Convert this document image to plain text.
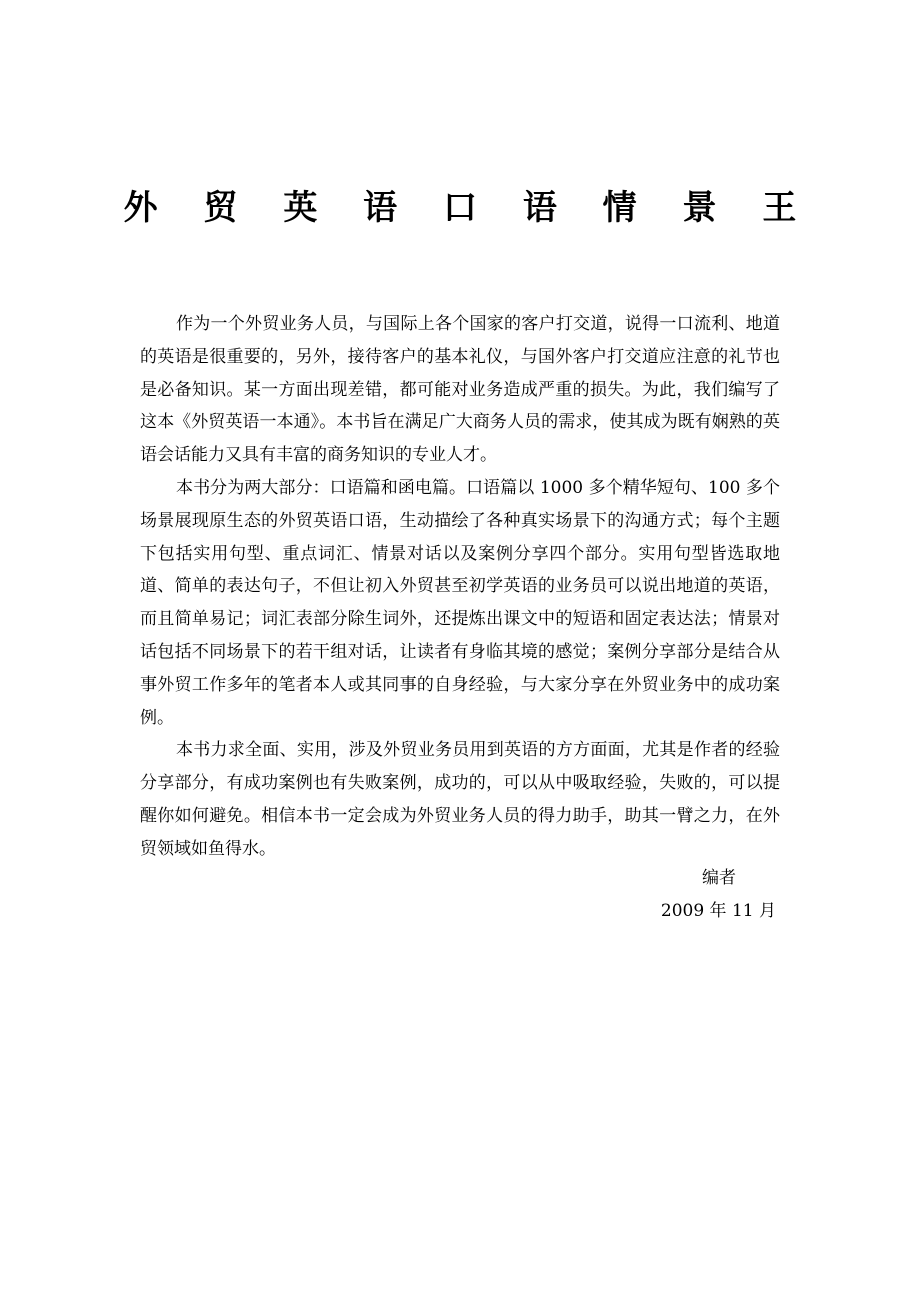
外 贸 英 语 口 语 情 景 王

作为一个外贸业务人员，与国际上各个国家的客户打交道，说得一口流利、地道的英语是很重要的，另外，接待客户的基本礼仪，与国外客户打交道应注意的礼节也是必备知识。某一方面出现差错，都可能对业务造成严重的损失。为此，我们编写了这本《外贸英语一本通》。本书旨在满足广大商务人员的需求，使其成为既有娴熟的英语会话能力又具有丰富的商务知识的专业人才。

本书分为两大部分：口语篇和函电篇。口语篇以 1000 多个精华短句、100 多个场景展现原生态的外贸英语口语，生动描绘了各种真实场景下的沟通方式；每个主题下包括实用句型、重点词汇、情景对话以及案例分享四个部分。实用句型皆选取地道、简单的表达句子，不但让初入外贸甚至初学英语的业务员可以说出地道的英语，而且简单易记；词汇表部分除生词外，还提炼出课文中的短语和固定表达法；情景对话包括不同场景下的若干组对话，让读者有身临其境的感觉；案例分享部分是结合从事外贸工作多年的笔者本人或其同事的自身经验，与大家分享在外贸业务中的成功案例。

本书力求全面、实用，涉及外贸业务员用到英语的方方面面，尤其是作者的经验分享部分，有成功案例也有失败案例，成功的，可以从中吸取经验，失败的，可以提醒你如何避免。相信本书一定会成为外贸业务人员的得力助手，助其一臂之力，在外贸领域如鱼得水。

编者
2009 年 11 月
